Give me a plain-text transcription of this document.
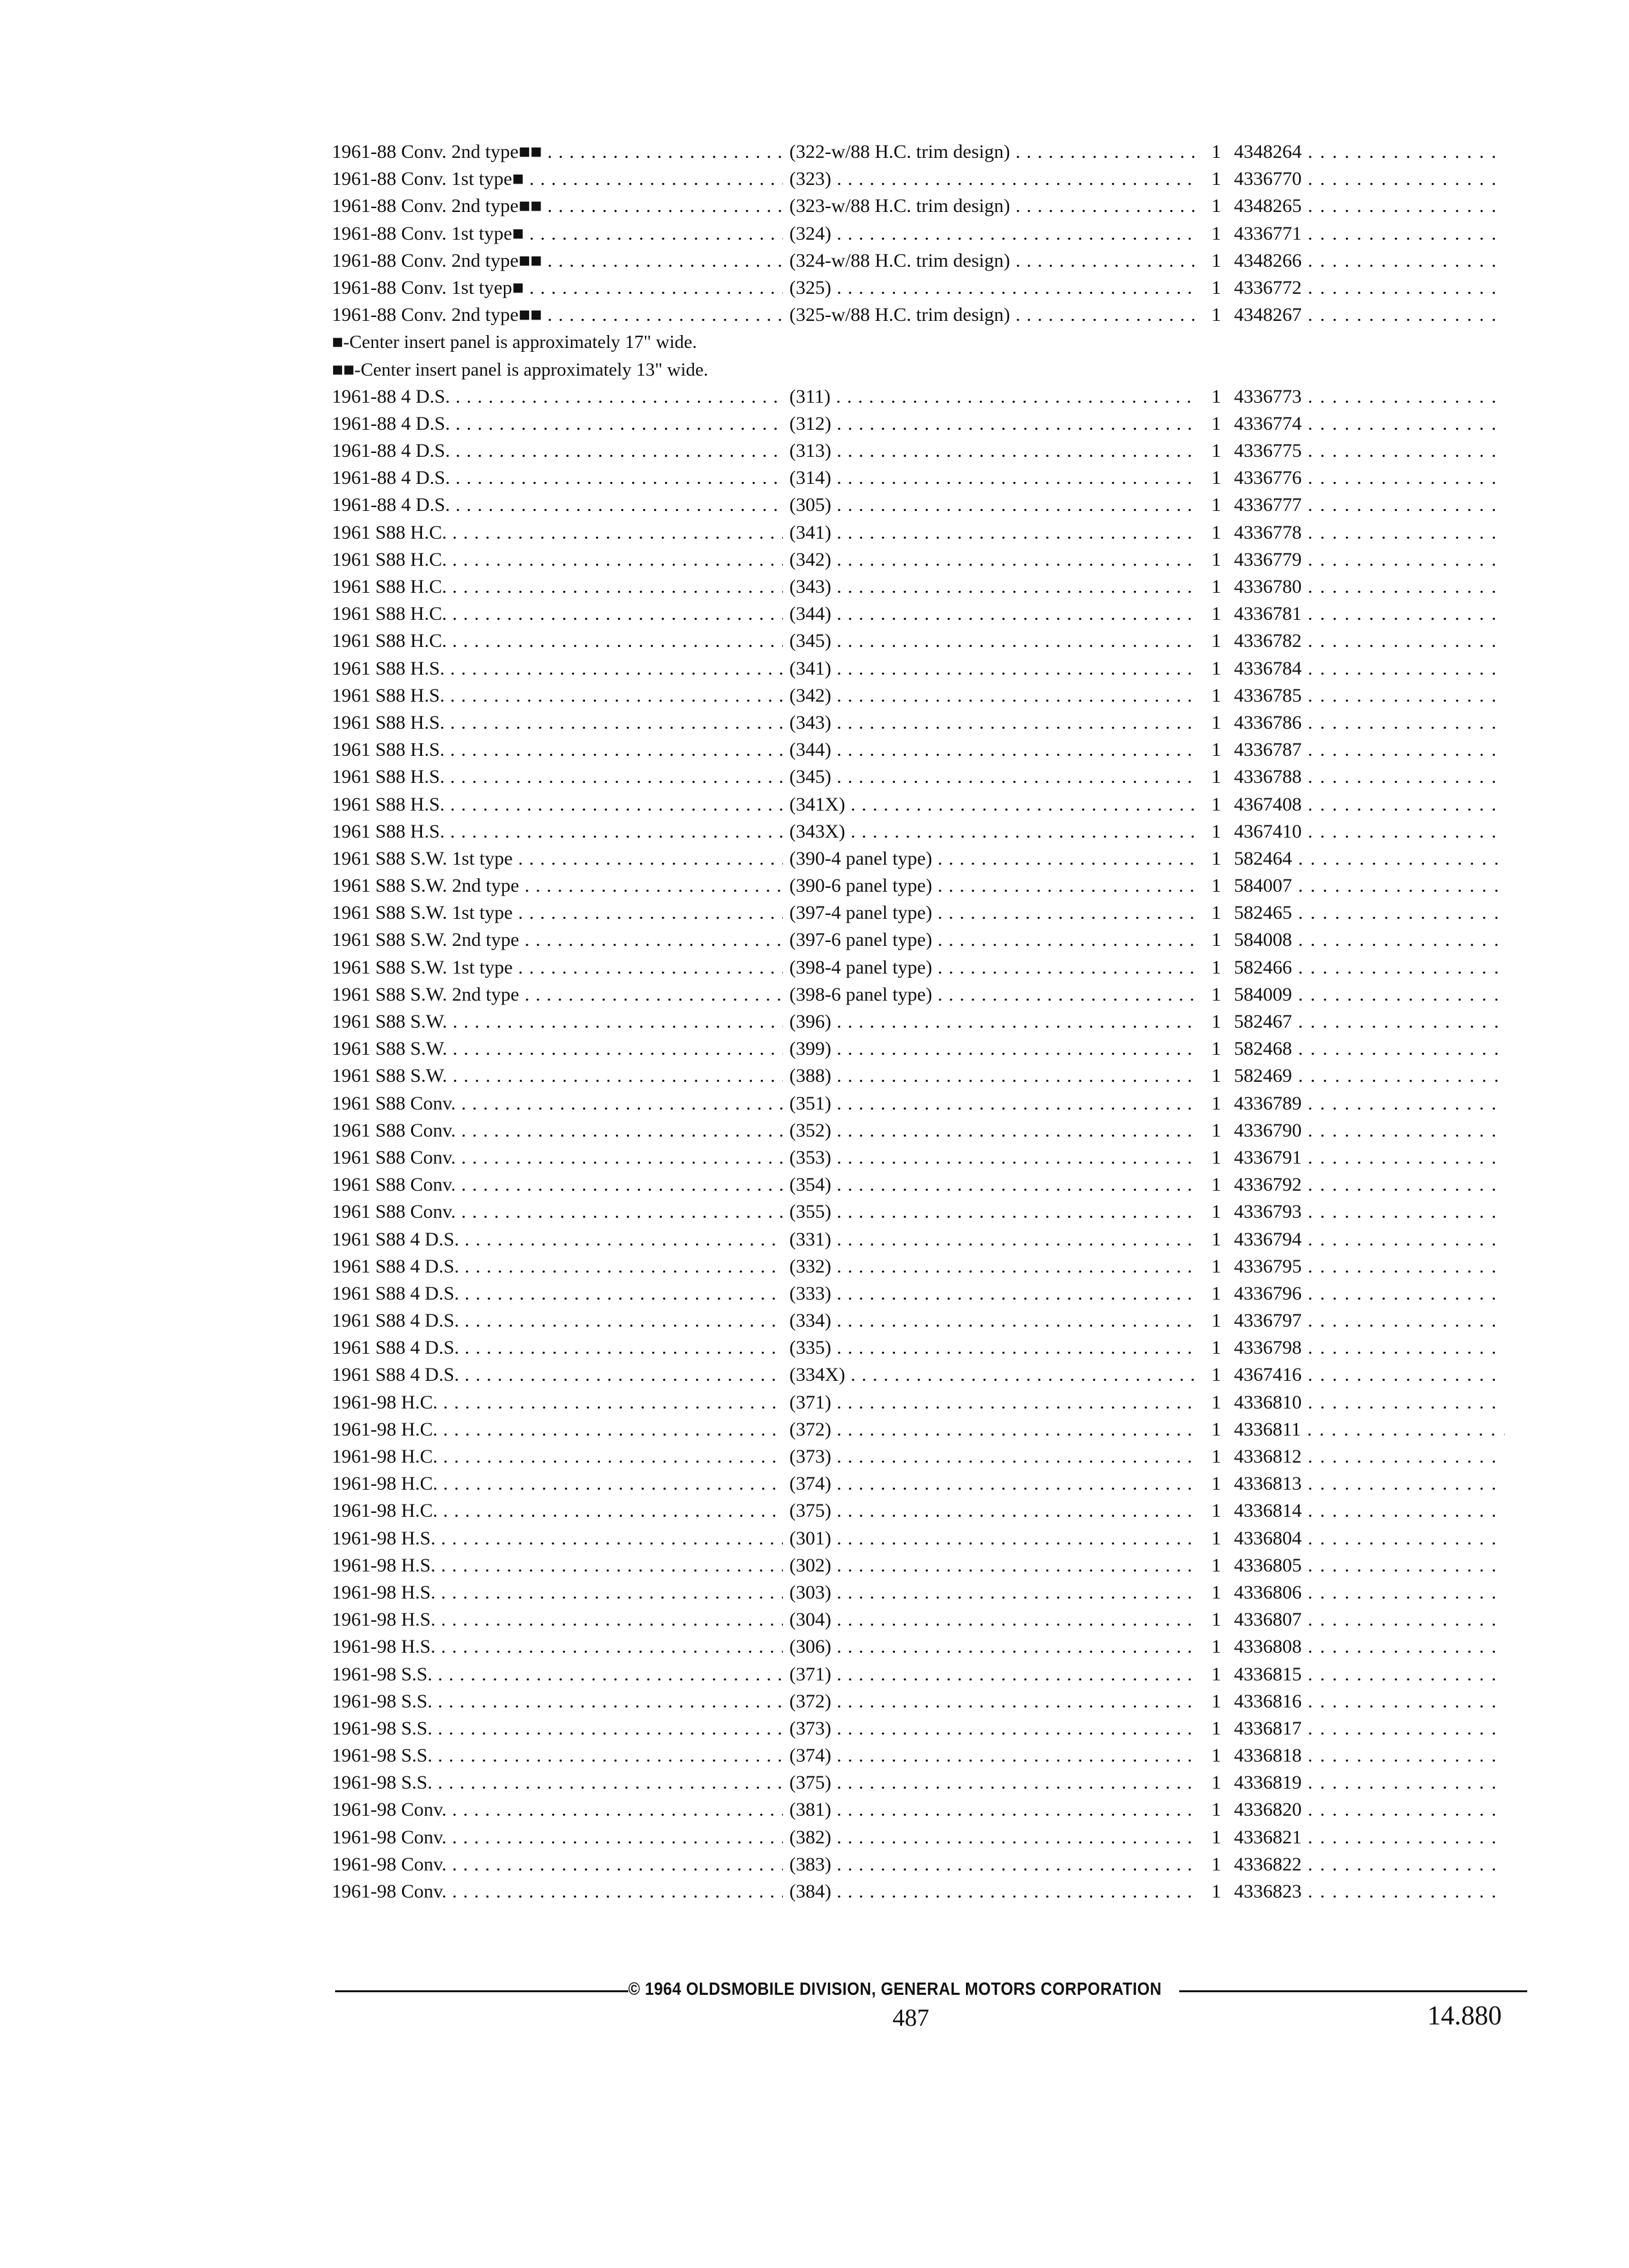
1961-88 Conv. 2nd type■■ . . .	(322-w/88 H.C. trim design) . . .	1 4348264 . . .
1961-88 Conv. 1st type■ . . .	(323) . . .	1 4336770 . . .
1961-88 Conv. 2nd type■■ . . .	(323-w/88 H.C. trim design) . . .	1 4348265 . . .
1961-88 Conv. 1st type■ . . .	(324) . . .	1 4336771 . . .
1961-88 Conv. 2nd type■■ . . .	(324-w/88 H.C. trim design) . . .	1 4348266 . . .
1961-88 Conv. 1st tyep■ . . .	(325) . . .	1 4336772 . . .
1961-88 Conv. 2nd type■■ . . .	(325-w/88 H.C. trim design) . . .	1 4348267 . . .
■-Center insert panel is approximately 17" wide.
■■-Center insert panel is approximately 13" wide.
1961-88 4 D.S. . . .	(311) . . .	1 4336773 . . .
1961-88 4 D.S. . . .	(312) . . .	1 4336774 . . .
1961-88 4 D.S. . . .	(313) . . .	1 4336775 . . .
1961-88 4 D.S. . . .	(314) . . .	1 4336776 . . .
1961-88 4 D.S. . . .	(305) . . .	1 4336777 . . .
1961 S88 H.C. . . .	(341) . . .	1 4336778 . . .
1961 S88 H.C. . . .	(342) . . .	1 4336779 . . .
1961 S88 H.C. . . .	(343) . . .	1 4336780 . . .
1961 S88 H.C. . . .	(344) . . .	1 4336781 . . .
1961 S88 H.C. . . .	(345) . . .	1 4336782 . . .
1961 S88 H.S. . . .	(341) . . .	1 4336784 . . .
1961 S88 H.S. . . .	(342) . . .	1 4336785 . . .
1961 S88 H.S. . . .	(343) . . .	1 4336786 . . .
1961 S88 H.S. . . .	(344) . . .	1 4336787 . . .
1961 S88 H.S. . . .	(345) . . .	1 4336788 . . .
1961 S88 H.S. . . .	(341X) . . .	1 4367408 . . .
1961 S88 H.S. . . .	(343X) . . .	1 4367410 . . .
1961 S88 S.W. 1st type . . .	(390-4 panel type) . . .	1 582464 . . .
1961 S88 S.W. 2nd type . . .	(390-6 panel type) . . .	1 584007 . . .
1961 S88 S.W. 1st type . . .	(397-4 panel type) . . .	1 582465 . . .
1961 S88 S.W. 2nd type . . .	(397-6 panel type) . . .	1 584008 . . .
1961 S88 S.W. 1st type . . .	(398-4 panel type) . . .	1 582466 . . .
1961 S88 S.W. 2nd type . . .	(398-6 panel type) . . .	1 584009 . . .
1961 S88 S.W. . . .	(396) . . .	1 582467 . . .
1961 S88 S.W. . . .	(399) . . .	1 582468 . . .
1961 S88 S.W. . . .	(388) . . .	1 582469 . . .
1961 S88 Conv. . . .	(351) . . .	1 4336789 . . .
1961 S88 Conv. . . .	(352) . . .	1 4336790 . . .
1961 S88 Conv. . . .	(353) . . .	1 4336791 . . .
1961 S88 Conv. . . .	(354) . . .	1 4336792 . . .
1961 S88 Conv. . . .	(355) . . .	1 4336793 . . .
1961 S88 4 D.S. . . .	(331) . . .	1 4336794 . . .
1961 S88 4 D.S. . . .	(332) . . .	1 4336795 . . .
1961 S88 4 D.S. . . .	(333) . . .	1 4336796 . . .
1961 S88 4 D.S. . . .	(334) . . .	1 4336797 . . .
1961 S88 4 D.S. . . .	(335) . . .	1 4336798 . . .
1961 S88 4 D.S. . . .	(334X) . . .	1 4367416 . . .
1961-98 H.C. . . .	(371) . . .	1 4336810 . . .
1961-98 H.C. . . .	(372) . . .	1 4336811 . . .
1961-98 H.C. . . .	(373) . . .	1 4336812 . . .
1961-98 H.C. . . .	(374) . . .	1 4336813 . . .
1961-98 H.C. . . .	(375) . . .	1 4336814 . . .
1961-98 H.S. . . .	(301) . . .	1 4336804 . . .
1961-98 H.S. . . .	(302) . . .	1 4336805 . . .
1961-98 H.S. . . .	(303) . . .	1 4336806 . . .
1961-98 H.S. . . .	(304) . . .	1 4336807 . . .
1961-98 H.S. . . .	(306) . . .	1 4336808 . . .
1961-98 S.S. . . .	(371) . . .	1 4336815 . . .
1961-98 S.S. . . .	(372) . . .	1 4336816 . . .
1961-98 S.S. . . .	(373) . . .	1 4336817 . . .
1961-98 S.S. . . .	(374) . . .	1 4336818 . . .
1961-98 S.S. . . .	(375) . . .	1 4336819 . . .
1961-98 Conv. . . .	(381) . . .	1 4336820 . . .
1961-98 Conv. . . .	(382) . . .	1 4336821 . . .
1961-98 Conv. . . .	(383) . . .	1 4336822 . . .
1961-98 Conv. . . .	(384) . . .	1 4336823 . . .
© 1964 OLDSMOBILE DIVISION, GENERAL MOTORS CORPORATION
487	14.880
